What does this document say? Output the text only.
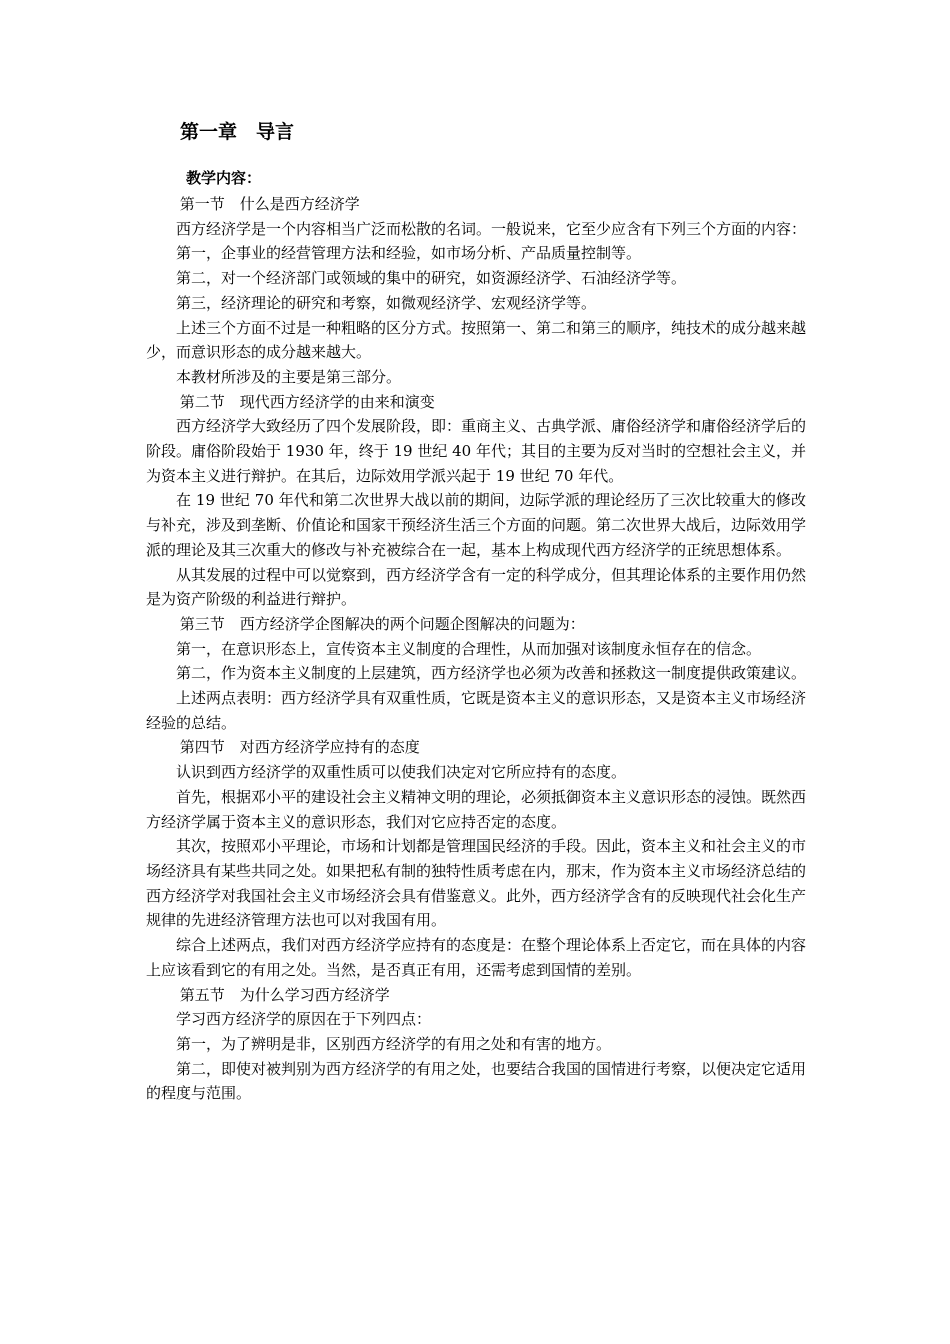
第一章　导言
教学内容：

第一节　什么是西方经济学

西方经济学是一个内容相当广泛而松散的名词。一般说来，它至少应含有下列三个方面的内容：

第一，企事业的经营管理方法和经验，如市场分析、产品质量控制等。

第二，对一个经济部门或领域的集中的研究，如资源经济学、石油经济学等。

第三，经济理论的研究和考察，如微观经济学、宏观经济学等。

上述三个方面不过是一种粗略的区分方式。按照第一、第二和第三的顺序，纯技术的成分越来越少，而意识形态的成分越来越大。

本教材所涉及的主要是第三部分。

第二节　现代西方经济学的由来和演变

西方经济学大致经历了四个发展阶段，即：重商主义、古典学派、庸俗经济学和庸俗经济学后的阶段。庸俗阶段始于 1930 年，终于 19 世纪 40 年代；其目的主要为反对当时的空想社会主义，并为资本主义进行辩护。在其后，边际效用学派兴起于 19 世纪 70 年代。

在 19 世纪 70 年代和第二次世界大战以前的期间，边际学派的理论经历了三次比较重大的修改与补充，涉及到垄断、价值论和国家干预经济生活三个方面的问题。第二次世界大战后，边际效用学派的理论及其三次重大的修改与补充被综合在一起，基本上构成现代西方经济学的正统思想体系。

从其发展的过程中可以觉察到，西方经济学含有一定的科学成分，但其理论体系的主要作用仍然是为资产阶级的利益进行辩护。

第三节　西方经济学企图解决的两个问题企图解决的问题为：

第一，在意识形态上，宣传资本主义制度的合理性，从而加强对该制度永恒存在的信念。

第二，作为资本主义制度的上层建筑，西方经济学也必须为改善和拯救这一制度提供政策建议。

上述两点表明：西方经济学具有双重性质，它既是资本主义的意识形态，又是资本主义市场经济经验的总结。

第四节　对西方经济学应持有的态度

认识到西方经济学的双重性质可以使我们决定对它所应持有的态度。

首先，根据邓小平的建设社会主义精神文明的理论，必须抵御资本主义意识形态的浸蚀。既然西方经济学属于资本主义的意识形态，我们对它应持否定的态度。

其次，按照邓小平理论，市场和计划都是管理国民经济的手段。因此，资本主义和社会主义的市场经济具有某些共同之处。如果把私有制的独特性质考虑在内，那末，作为资本主义市场经济总结的西方经济学对我国社会主义市场经济会具有借鉴意义。此外，西方经济学含有的反映现代社会化生产规律的先进经济管理方法也可以对我国有用。

综合上述两点，我们对西方经济学应持有的态度是：在整个理论体系上否定它，而在具体的内容上应该看到它的有用之处。当然，是否真正有用，还需考虑到国情的差别。

第五节　为什么学习西方经济学

学习西方经济学的原因在于下列四点：

第一，为了辨明是非，区别西方经济学的有用之处和有害的地方。

第二，即使对被判别为西方经济学的有用之处，也要结合我国的国情进行考察，以便决定它适用的程度与范围。
